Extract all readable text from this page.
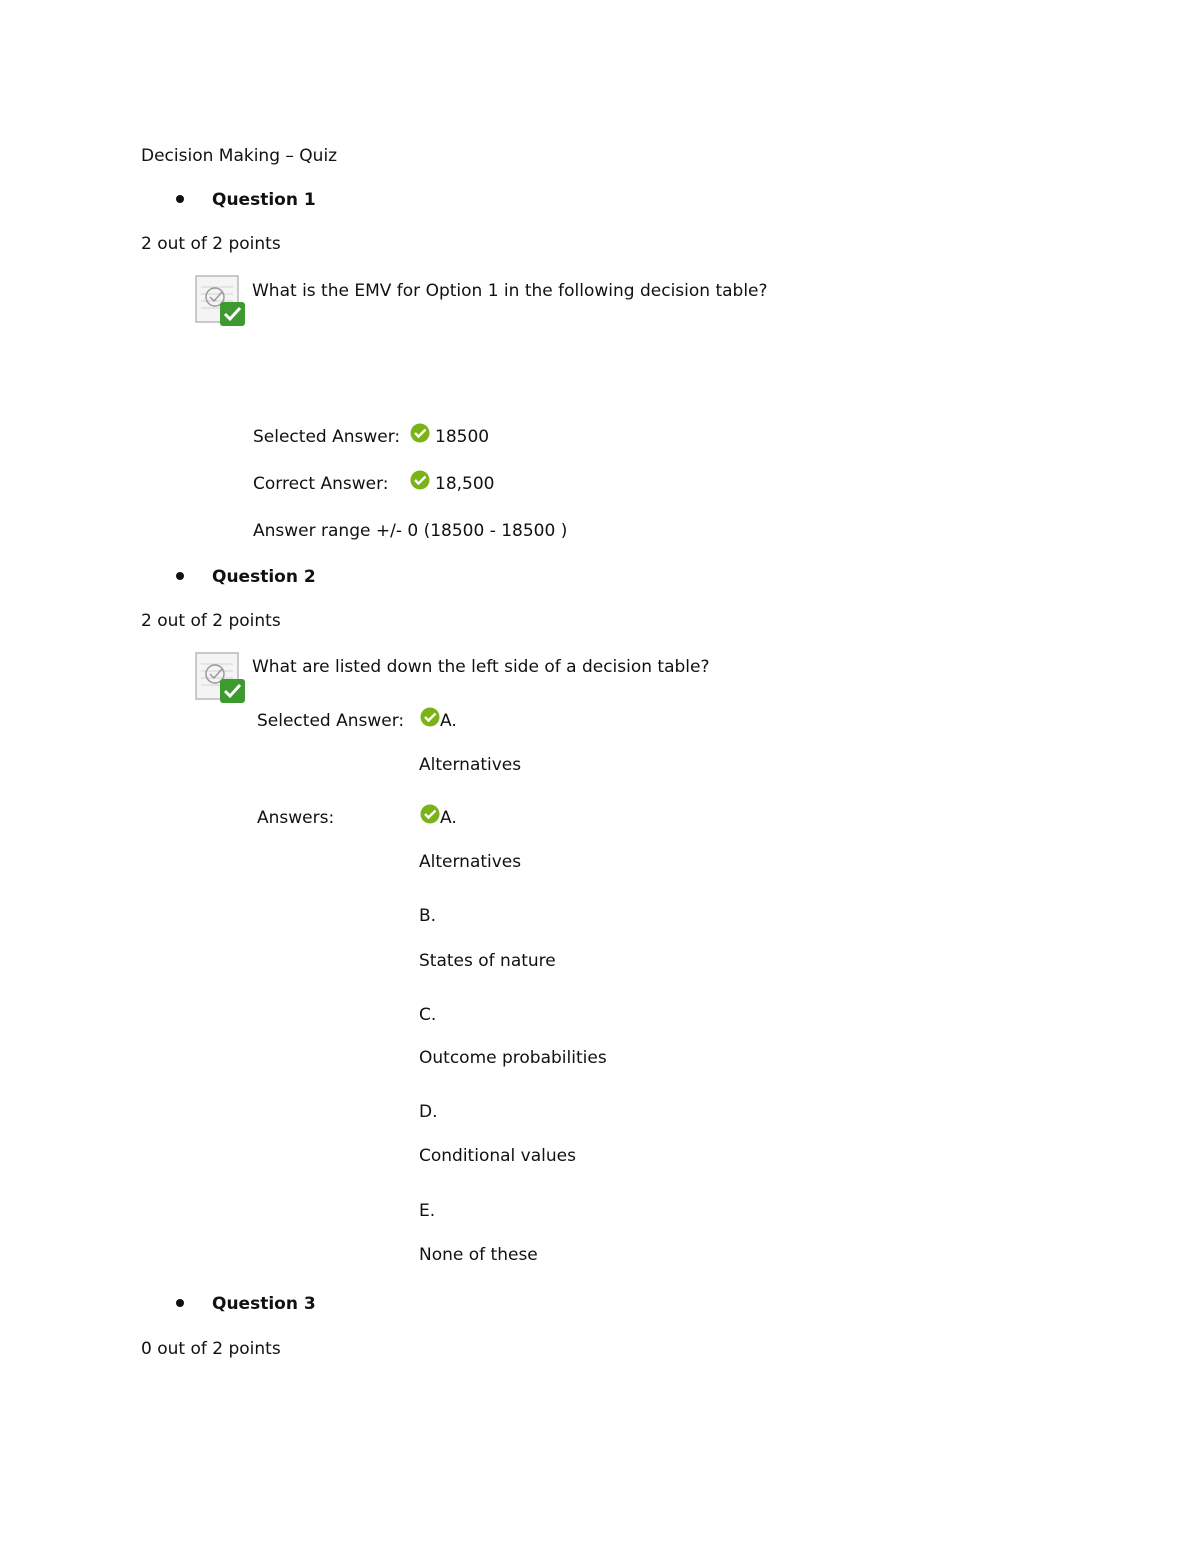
Decision Making – Quiz
Question 1
2 out of 2 points
What is the EMV for Option 1 in the following decision table?
Selected Answer: 18500
Correct Answer:	18,500
Answer range +/- 0 (18500 - 18500 )
Question 2
2 out of 2 points
What are listed down the left side of a decision table?
Selected Answer: A.
Alternatives
Answers:	A.
Alternatives
B.
States of nature
C.
Outcome probabilities
D.
Conditional values
E.
None of these
Question 3
0 out of 2 points
